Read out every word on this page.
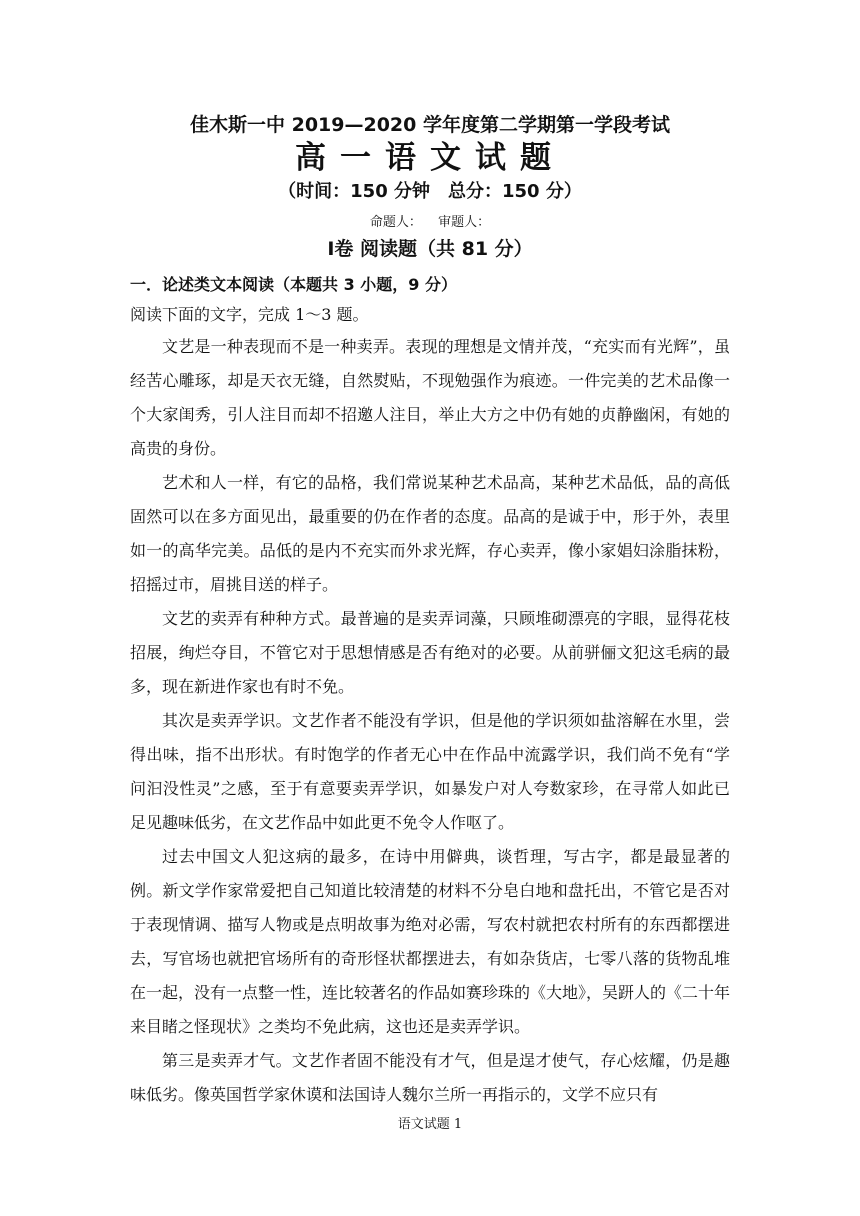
佳木斯一中 2019—2020 学年度第二学期第一学段考试
高一语文试题
（时间：150 分钟　总分：150 分）
命题人： 审题人：
Ⅰ卷 阅读题（共 81 分）
一．论述类文本阅读（本题共 3 小题，9 分）
阅读下面的文字，完成 1～3 题。

文艺是一种表现而不是一种卖弄。表现的理想是文情并茂，“充实而有光辉”，虽经苦心雕琢，却是天衣无缝，自然熨贴，不现勉强作为痕迹。一件完美的艺术品像一个大家闺秀，引人注目而却不招邀人注目，举止大方之中仍有她的贞静幽闲，有她的高贵的身份。

艺术和人一样，有它的品格，我们常说某种艺术品高，某种艺术品低，品的高低固然可以在多方面见出，最重要的仍在作者的态度。品高的是诚于中，形于外，表里如一的高华完美。品低的是内不充实而外求光辉，存心卖弄，像小家娼妇涂脂抹粉，招摇过市，眉挑目送的样子。

文艺的卖弄有种种方式。最普遍的是卖弄词藻，只顾堆砌漂亮的字眼，显得花枝招展，绚烂夺目，不管它对于思想情感是否有绝对的必要。从前骈俪文犯这毛病的最多，现在新进作家也有时不免。

其次是卖弄学识。文艺作者不能没有学识，但是他的学识须如盐溶解在水里，尝得出味，指不出形状。有时饱学的作者无心中在作品中流露学识，我们尚不免有“学问汩没性灵”之感，至于有意要卖弄学识，如暴发户对人夸数家珍，在寻常人如此已足见趣味低劣，在文艺作品中如此更不免令人作呕了。

过去中国文人犯这病的最多，在诗中用僻典，谈哲理，写古字，都是最显著的例。新文学作家常爱把自己知道比较清楚的材料不分皂白地和盘托出，不管它是否对于表现情调、描写人物或是点明故事为绝对必需，写农村就把农村所有的东西都摆进去，写官场也就把官场所有的奇形怪状都摆进去，有如杂货店，七零八落的货物乱堆在一起，没有一点整一性，连比较著名的作品如赛珍珠的《大地》，吴趼人的《二十年来目睹之怪现状》之类均不免此病，这也还是卖弄学识。

第三是卖弄才气。文艺作者固不能没有才气，但是逞才使气，存心炫耀，仍是趣味低劣。像英国哲学家休谟和法国诗人魏尔兰所一再指示的，文学不应只有

语文试题 1
